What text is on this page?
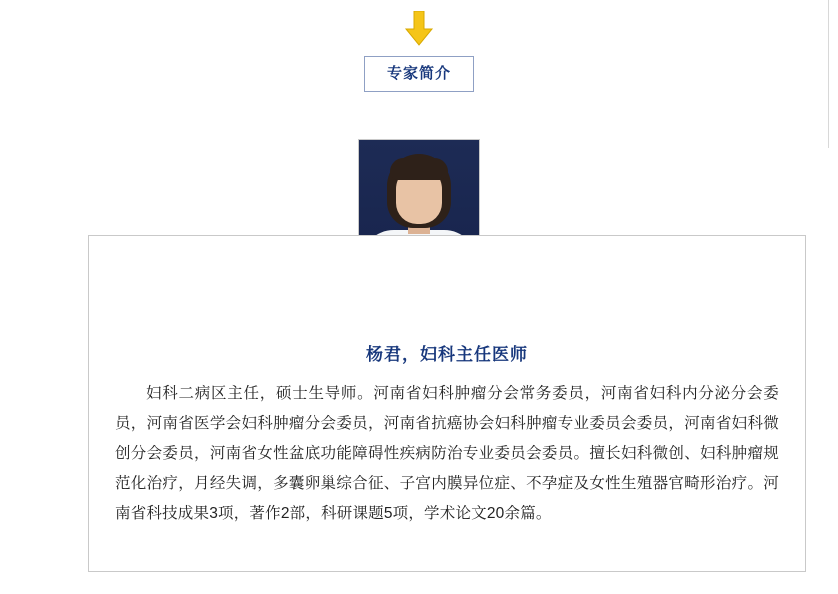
专家简介
杨君，妇科主任医师
妇科二病区主任，硕士生导师。河南省妇科肿瘤分会常务委员，河南省妇科内分泌分会委员，河南省医学会妇科肿瘤分会委员，河南省抗癌协会妇科肿瘤专业委员会委员，河南省妇科微创分会委员，河南省女性盆底功能障碍性疾病防治专业委员会委员。擅长妇科微创、妇科肿瘤规范化治疗，月经失调，多囊卵巢综合征、子宫内膜异位症、不孕症及女性生殖器官畸形治疗。河南省科技成果3项，著作2部，科研课题5项，学术论文20余篇。
